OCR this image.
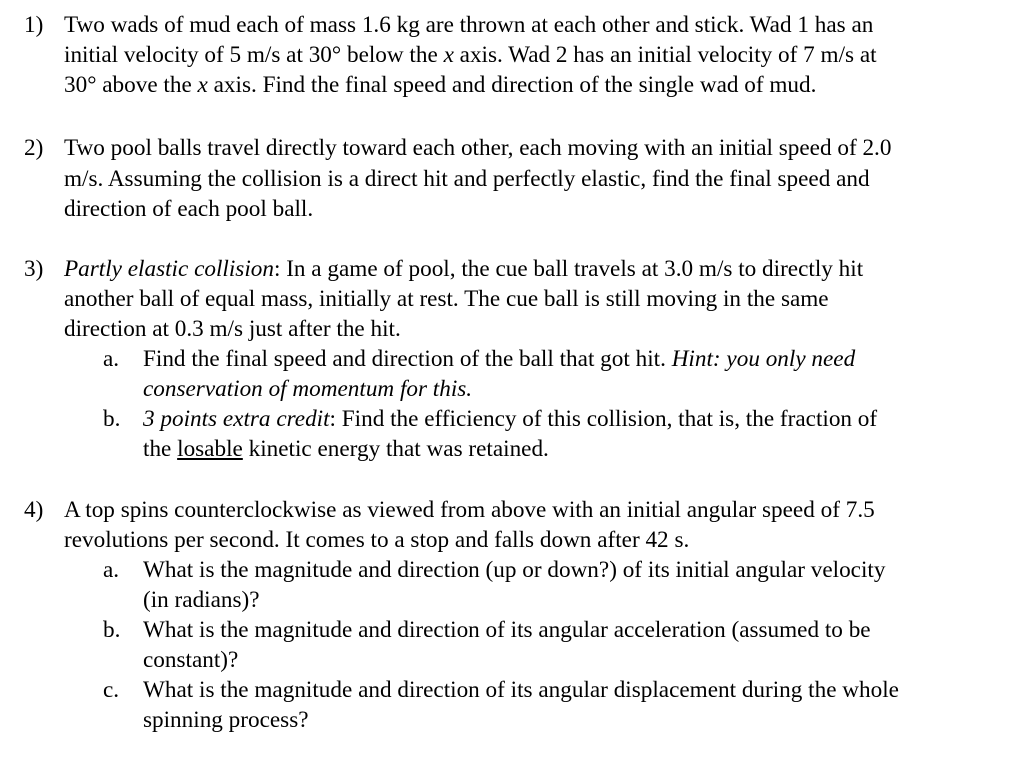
1) Two wads of mud each of mass 1.6 kg are thrown at each other and stick. Wad 1 has an
initial velocity of 5 m/s at 30° below the x axis. Wad 2 has an initial velocity of 7 m/s at
30° above the x axis. Find the final speed and direction of the single wad of mud.
2) Two pool balls travel directly toward each other, each moving with an initial speed of 2.0
m/s. Assuming the collision is a direct hit and perfectly elastic, find the final speed and
direction of each pool ball.
3) Partly elastic collision: In a game of pool, the cue ball travels at 3.0 m/s to directly hit
another ball of equal mass, initially at rest. The cue ball is still moving in the same
direction at 0.3 m/s just after the hit.
a. Find the final speed and direction of the ball that got hit. Hint: you only need
conservation of momentum for this.
b. 3 points extra credit: Find the efficiency of this collision, that is, the fraction of
the losable kinetic energy that was retained.
4) A top spins counterclockwise as viewed from above with an initial angular speed of 7.5
revolutions per second. It comes to a stop and falls down after 42 s.
a. What is the magnitude and direction (up or down?) of its initial angular velocity
(in radians)?
b. What is the magnitude and direction of its angular acceleration (assumed to be
constant)?
c. What is the magnitude and direction of its angular displacement during the whole
spinning process?
